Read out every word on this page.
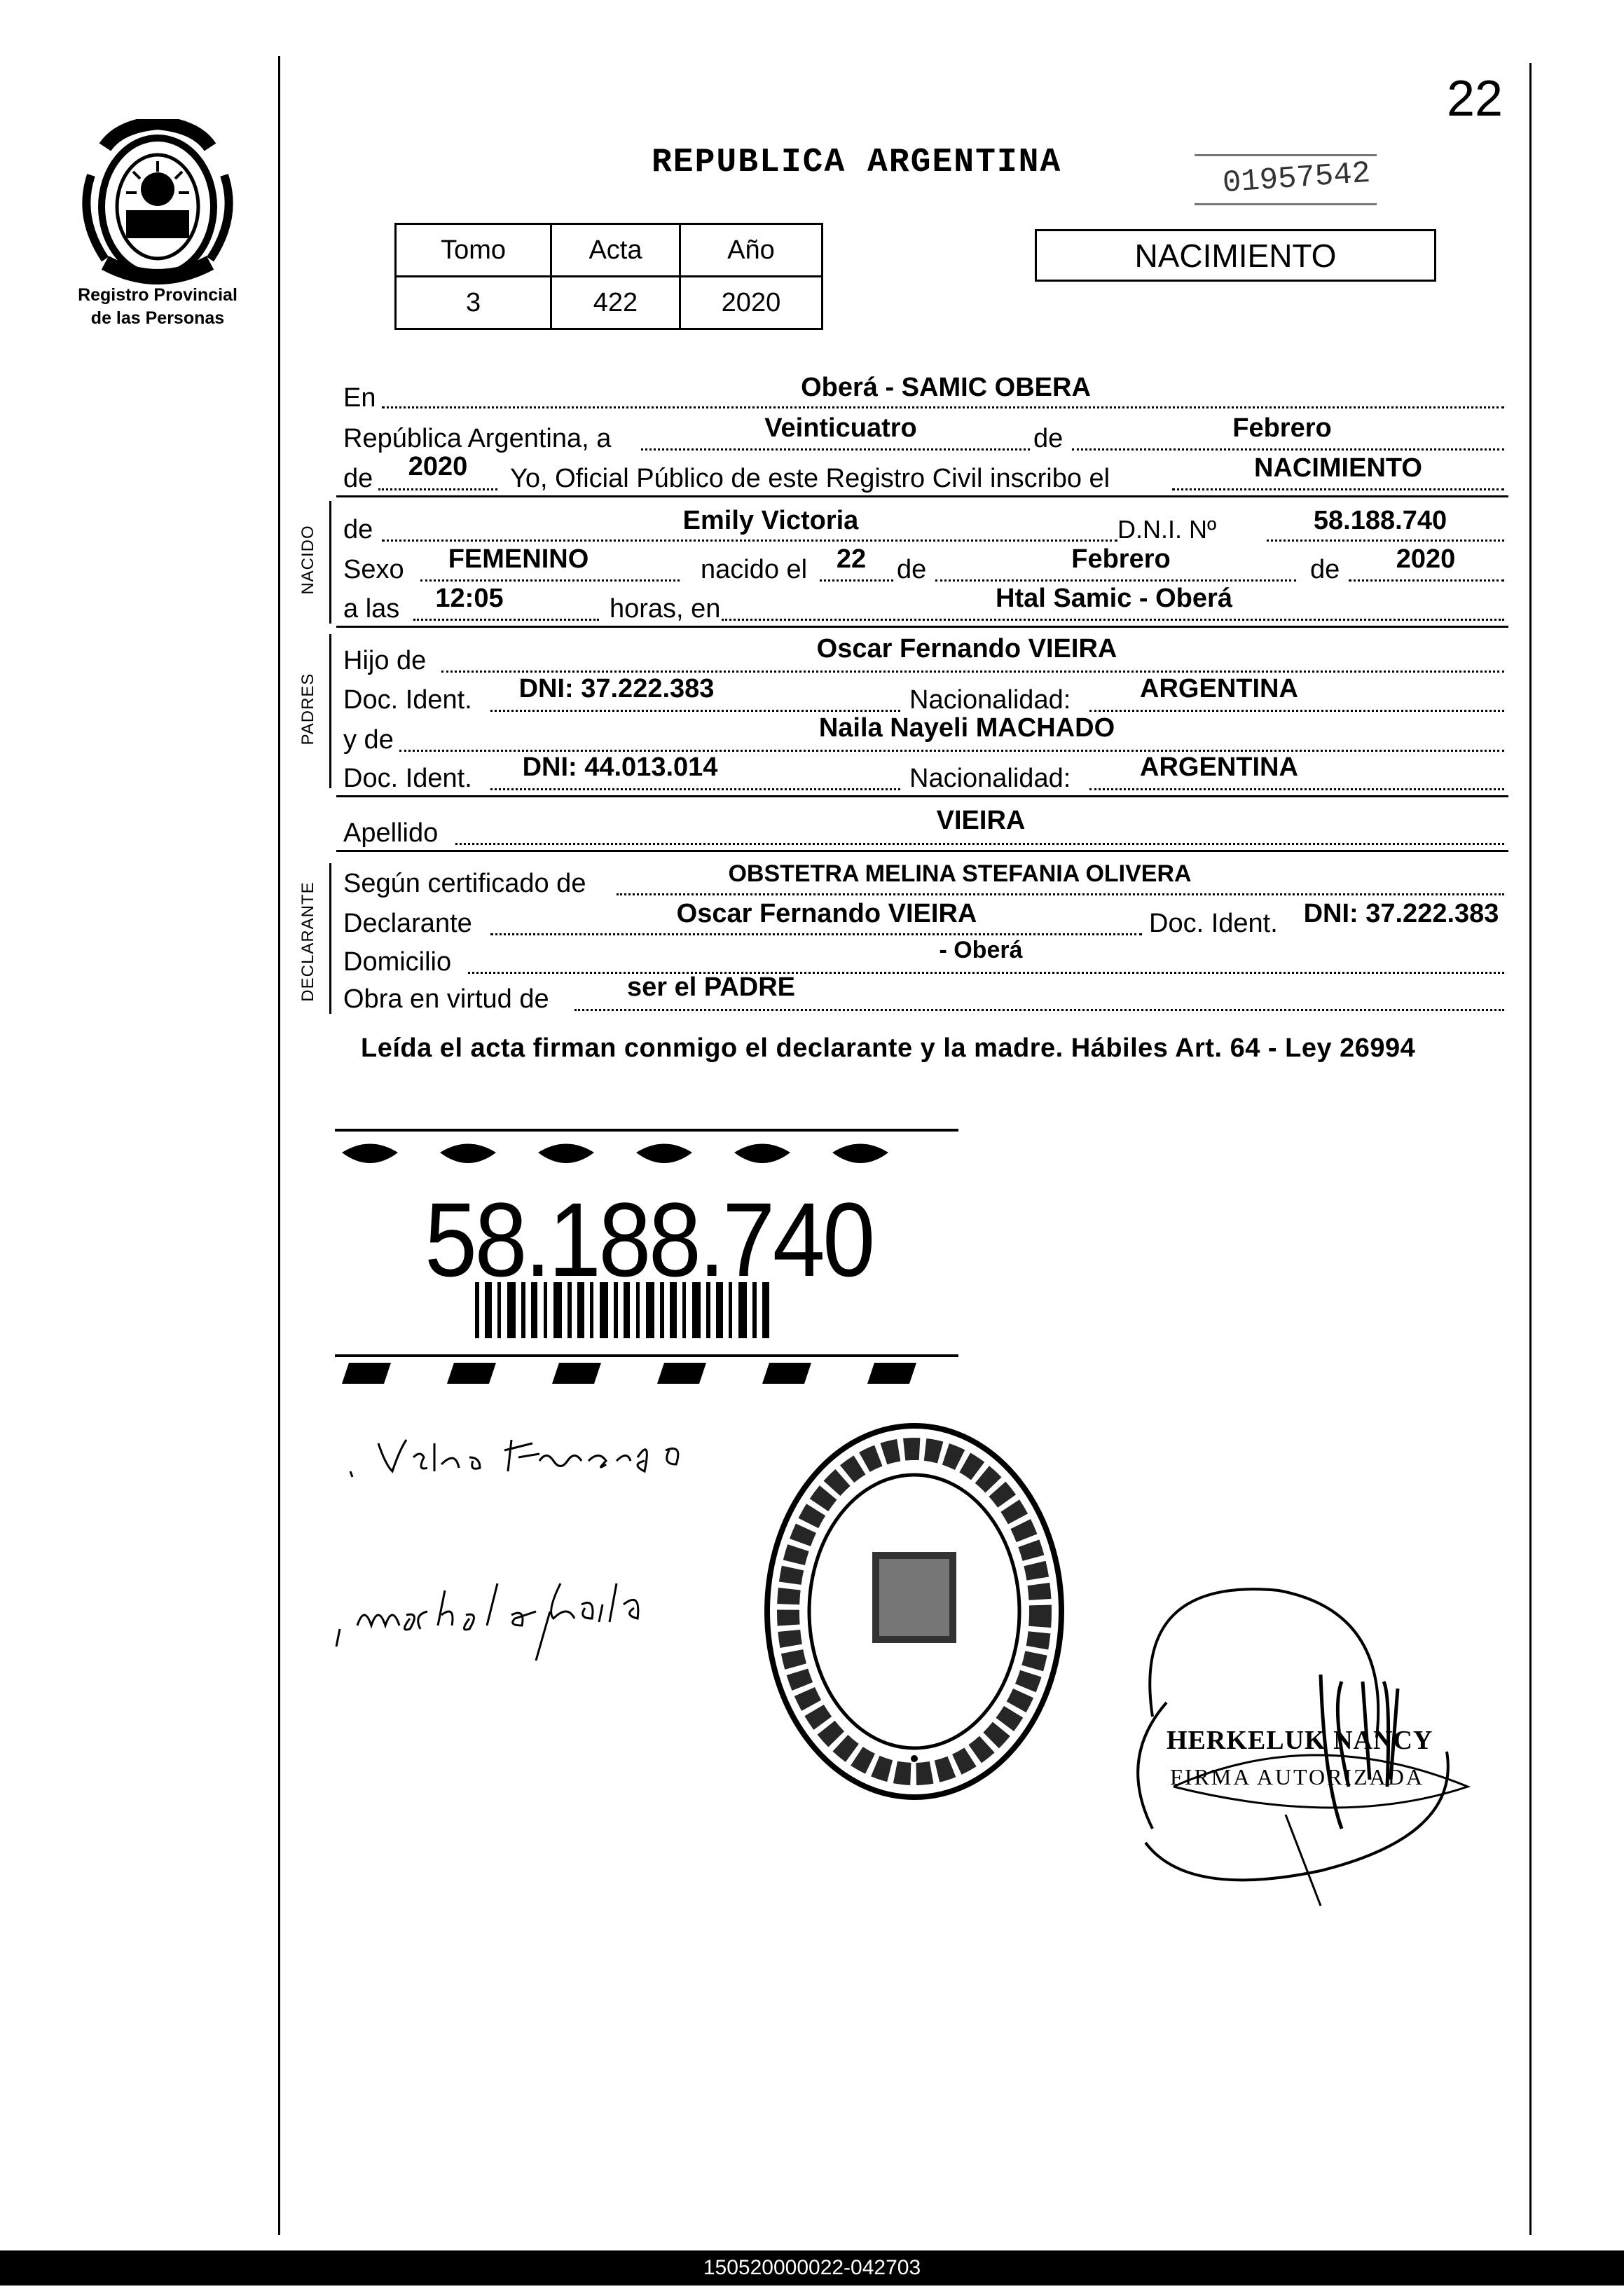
22
Registro Provincial
de las Personas
REPUBLICA ARGENTINA	01957542
Tomo	Acta	Año
3	422	2020
NACIMIENTO
En	Oberá - SAMIC OBERA
República Argentina, a	Veinticuatro	de	Febrero
de	2020	Yo, Oficial Público de este Registro Civil inscribo el	NACIMIENTO
NACIDO de	Emily Victoria	D.N.I. Nº	58.188.740
Sexo	FEMENINO	nacido el	22	de	Febrero	de	2020
a las	12:05	horas, en	Htal Samic - Oberá
PADRES
Hijo de	Oscar Fernando VIEIRA
Doc. Ident.	DNI: 37.222.383	Nacionalidad:	ARGENTINA
y de	Naila Nayeli MACHADO
Doc. Ident.	DNI: 44.013.014	Nacionalidad:	ARGENTINA
Apellido	VIEIRA
DECLARANTE Según certificado de	OBSTETRA MELINA STEFANIA OLIVERA
Declarante	Oscar Fernando VIEIRA	Doc. Ident. DNI: 37.222.383
Domicilio	- Oberá
Obra en virtud de	ser el PADRE
Leída el acta firman conmigo el declarante y la madre. Hábiles Art. 64 - Ley 26994
58.188.740
HERKELUK NANCY
FIRMA AUTORIZADA
150520000022-042703
